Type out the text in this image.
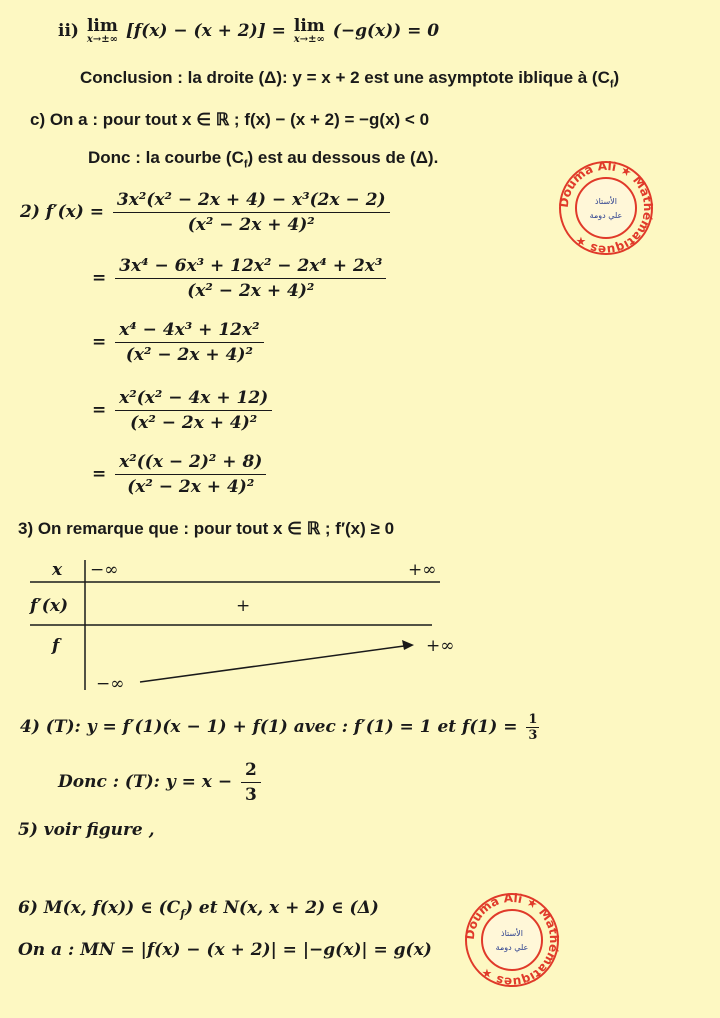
ii) lim
x→±∞ [f(x) − (x + 2)] = lim
x→±∞ (−g(x)) = 0
Conclusion : la droite (Δ): y = x + 2 est une asymptote iblique à $(C_f)$
c) On a : pour tout x ∈ ℝ ; f(x) − (x + 2) = −g(x) < 0
Donc : la courbe $(C_f)$ est au dessous de (Δ).
2) $f'(x) = \frac{\text{3x²(x² − 2x + 4) − x³(2x − 2)}}{\text{(x² − 2x + 4)²}}$
= $\frac{\text{3x⁴ − 6x³ + 12x² − 2x⁴ + 2x³}}{\text{(x² − 2x + 4)²}}$
= $\frac{\text{x⁴ − 4x³ + 12x²}}{\text{(x² − 2x + 4)²}}$
= $\frac{\text{x²(x² − 4x + 12)}}{\text{(x² − 2x + 4)²}}$
= $\frac{\text{x²((x − 2)² + 8)}}{\text{(x² − 2x + 4)²}}$
3) On remarque que : pour tout x ∈ ℝ ; f′(x) ≥ 0
x −∞	+∞
f′(x)	+
f	+∞
−∞
4) (T): y = f′(1)(x − 1) + f(1) avec : f′(1) = 1 et $f(1) = \frac{1}{3}$
Donc : (T): $y = x - \frac{2}{3}$
5) voir figure ,
6) M(x, f(x)) ∈ $(C_f)$ et N(x, x + 2) ∈ (Δ)
On a : MN = |f(x) − (x + 2)| = |−g(x)| = g(x)
Douma Ali ★ Mathématiques ★
الأستاذ
علي دومة
Douma Ali ★ Mathématiques ★
الأستاذ
علي دومة
